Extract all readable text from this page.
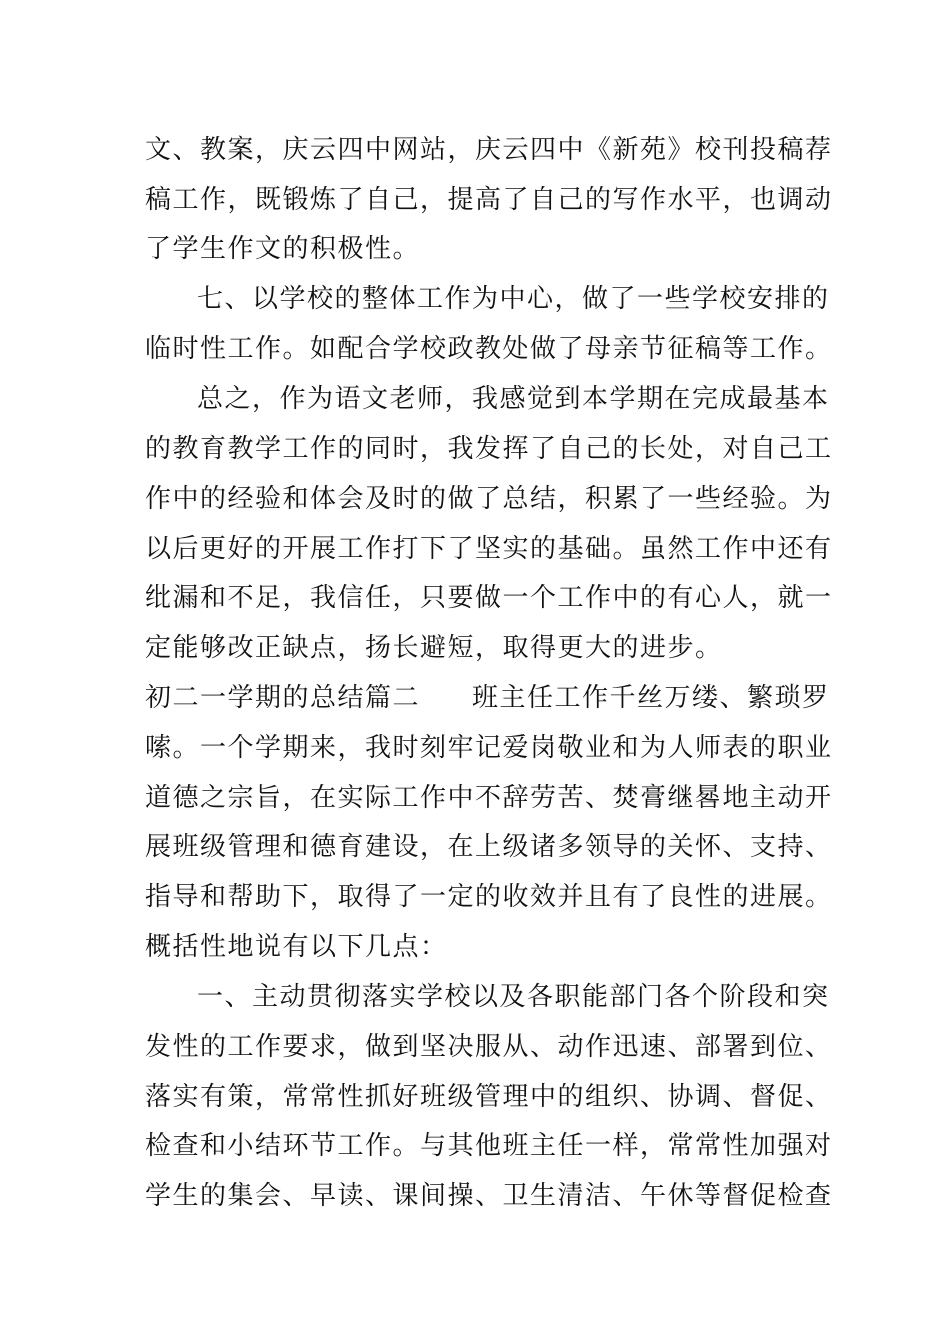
文、教案，庆云四中网站，庆云四中《新苑》校刊投稿荐
稿工作，既锻炼了自己，提高了自己的写作水平，也调动
了学生作文的积极性。
七、以学校的整体工作为中心，做了一些学校安排的
临时性工作。如配合学校政教处做了母亲节征稿等工作。
总之，作为语文老师，我感觉到本学期在完成最基本
的教育教学工作的同时，我发挥了自己的长处，对自己工
作中的经验和体会及时的做了总结，积累了一些经验。为
以后更好的开展工作打下了坚实的基础。虽然工作中还有
纰漏和不足，我信任，只要做一个工作中的有心人，就一
定能够改正缺点，扬长避短，取得更大的进步。
初二一学期的总结篇二 班主任工作千丝万缕、繁琐罗
嗦。一个学期来，我时刻牢记爱岗敬业和为人师表的职业
道德之宗旨，在实际工作中不辞劳苦、焚膏继晷地主动开
展班级管理和德育建设，在上级诸多领导的关怀、支持、
指导和帮助下，取得了一定的收效并且有了良性的进展。
概括性地说有以下几点：
一、主动贯彻落实学校以及各职能部门各个阶段和突
发性的工作要求，做到坚决服从、动作迅速、部署到位、
落实有策，常常性抓好班级管理中的组织、协调、督促、
检查和小结环节工作。与其他班主任一样，常常性加强对
学生的集会、早读、课间操、卫生清洁、午休等督促检查
